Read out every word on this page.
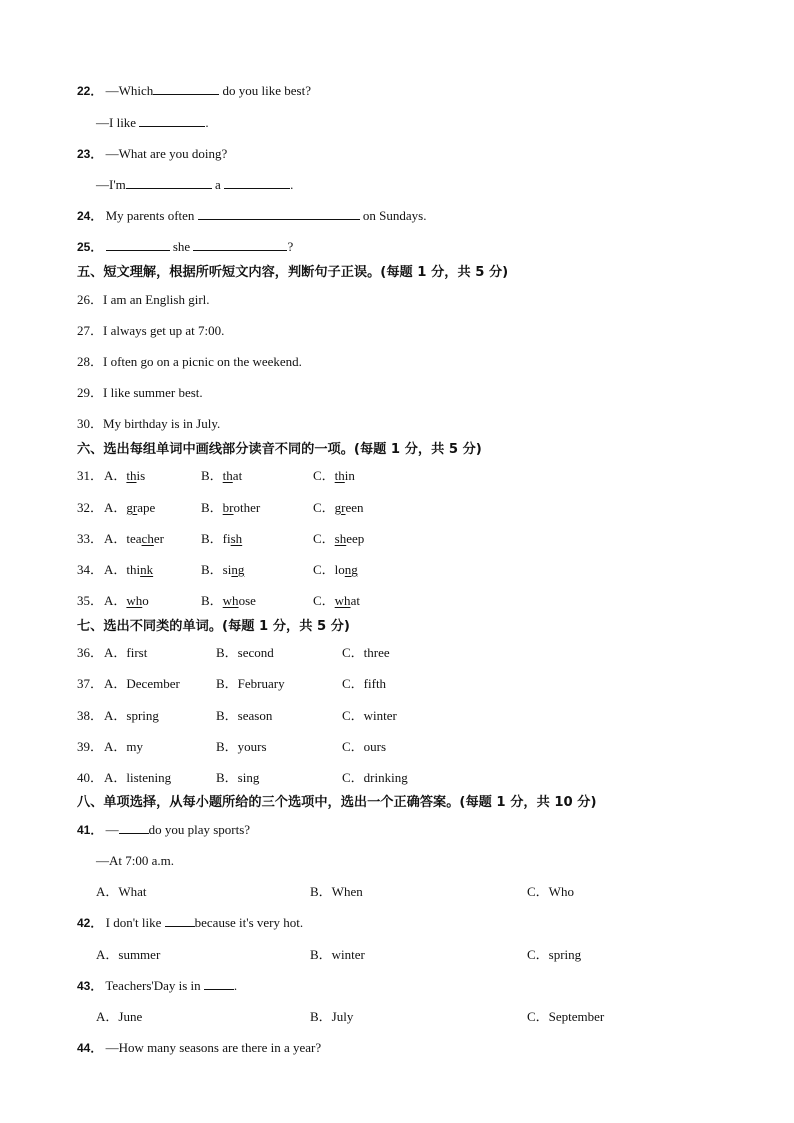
22． —Which	do you like best?
—I like	.
23． —What are you doing?
—I'm	a	.
24． My parents often	on Sundays.
25．	she	?
五、短文理解，根据所听短文内容，判断句子正误。(每题 1 分，共 5 分)
26．I am an English girl.
27．I always get up at 7:00.
28．I often go on a picnic on the weekend.
29．I like summer best.
30．My birthday is in July.
六、选出每组单词中画线部分读音不同的一项。(每题 1 分，共 5 分)
31． A．this	B．that	C．thin
32． A．grape	B．brother	C．green
33． A．teacher	B．fish	C．sheep
34． A．think	B．sing	C．long
35． A．who	B．whose	C．what
七、选出不同类的单词。(每题 1 分，共 5 分)
36． A．first	B．second	C．three
37． A．December	B．February	C．fifth
38． A．spring	B．season	C．winter
39． A．my	B．yours	C．ours
40． A．listening	B．sing	C．drinking
八、单项选择，从每小题所给的三个选项中，选出一个正确答案。(每题 1 分，共 10 分)
41． — do you play sports?
—At 7:00 a.m.
A．What	B．When	C．Who
42． I don't like because it's very hot.
A．summer	B．winter	C．spring
43． Teachers'Day is in .
A．June	B．July	C．September
44． —How many seasons are there in a year?
